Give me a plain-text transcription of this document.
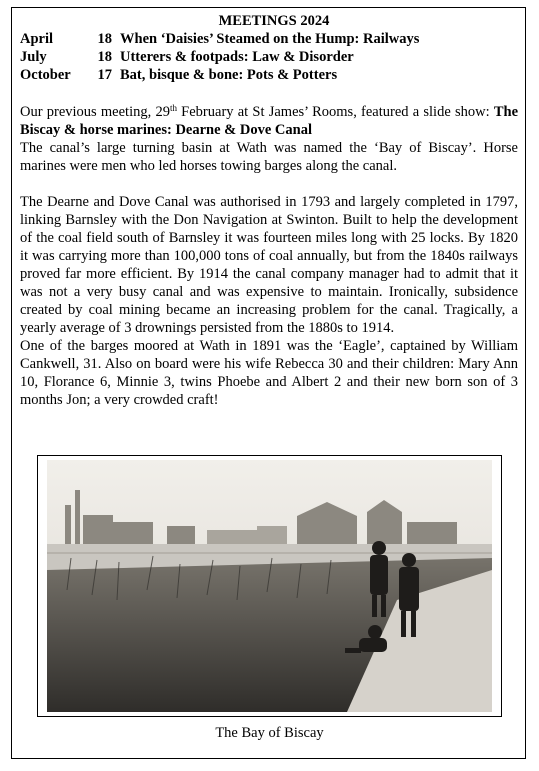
MEETINGS 2024
April	18 When ‘Daisies’ Steamed on the Hump: Railways
July	18 Utterers & footpads: Law & Disorder
October	17 Bat, bisque & bone: Pots & Potters

Our previous meeting, 29th February at St James’ Rooms, featured a slide show: The Biscay & horse marines: Dearne & Dove Canal
The canal’s large turning basin at Wath was named the ‘Bay of Biscay’. Horse marines were men who led horses towing barges along the canal.

The Dearne and Dove Canal was authorised in 1793 and largely completed in 1797, linking Barnsley with the Don Navigation at Swinton. Built to help the development of the coal field south of Barnsley it was fourteen miles long with 25 locks. By 1820 it was carrying more than 100,000 tons of coal annually, but from the 1840s railways proved far more efficient. By 1914 the canal company manager had to admit that it was not a very busy canal and was expensive to maintain. Ironically, subsidence created by coal mining became an increasing problem for the canal. Tragically, a yearly average of 3 drownings persisted from the 1880s to 1914.

One of the barges moored at Wath in 1891 was the ‘Eagle’, captained by William Cankwell, 31. Also on board were his wife Rebecca 30 and their children: Mary Ann 10, Florance 6, Minnie 3, twins Phoebe and Albert 2 and their new born son of 3 months Jon; a very crowded craft!

The Bay of Biscay
